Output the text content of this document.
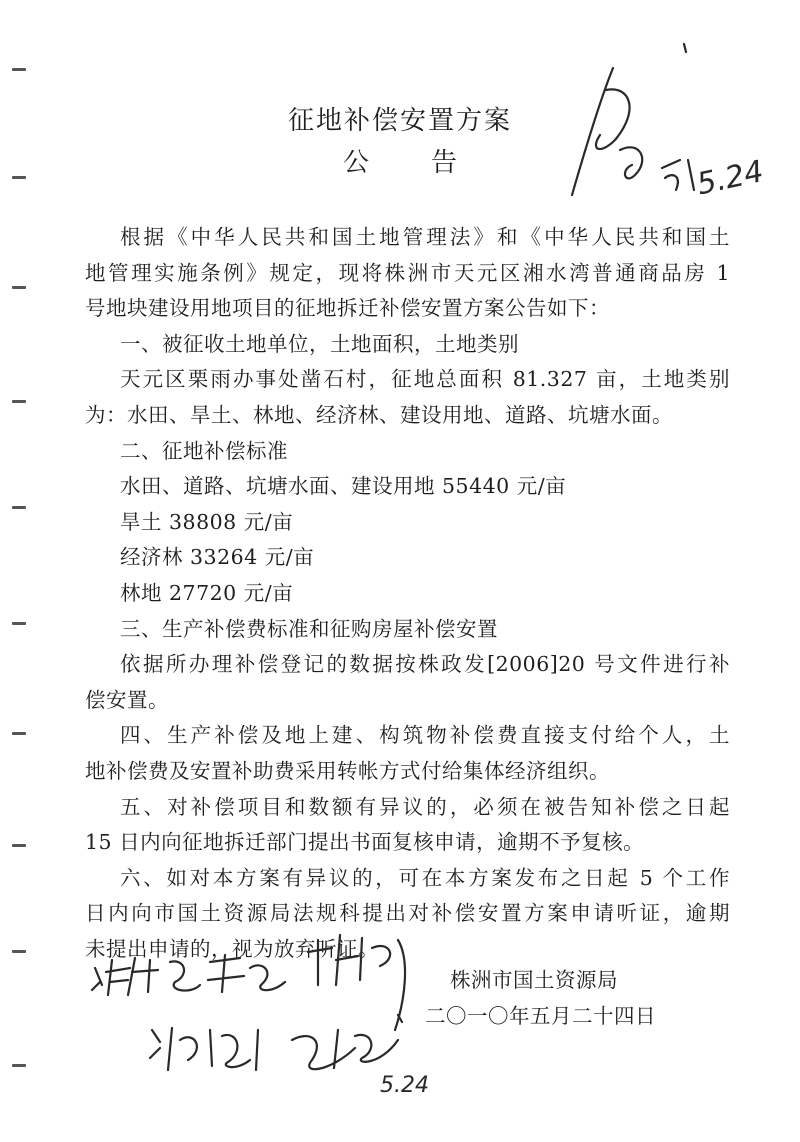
征地补偿安置方案
公告
根据《中华人民共和国土地管理法》和《中华人民共和国土
地管理实施条例》规定，现将株洲市天元区湘水湾普通商品房 1
号地块建设用地项目的征地拆迁补偿安置方案公告如下：
一、被征收土地单位，土地面积，土地类别
天元区栗雨办事处凿石村，征地总面积 81.327 亩，土地类别
为：水田、旱土、林地、经济林、建设用地、道路、坑塘水面。
二、征地补偿标准
水田、道路、坑塘水面、建设用地 55440 元/亩
旱土 38808 元/亩
经济林 33264 元/亩
林地 27720 元/亩
三、生产补偿费标准和征购房屋补偿安置
依据所办理补偿登记的数据按株政发[2006]20 号文件进行补
偿安置。
四、生产补偿及地上建、构筑物补偿费直接支付给个人，土
地补偿费及安置补助费采用转帐方式付给集体经济组织。
五、对补偿项目和数额有异议的，必须在被告知补偿之日起
15 日内向征地拆迁部门提出书面复核申请，逾期不予复核。
六、如对本方案有异议的，可在本方案发布之日起 5 个工作
日内向市国土资源局法规科提出对补偿安置方案申请听证，逾期
未提出申请的，视为放弃听证。
株洲市国土资源局
二〇一〇年五月二十四日
5.24
5.24
